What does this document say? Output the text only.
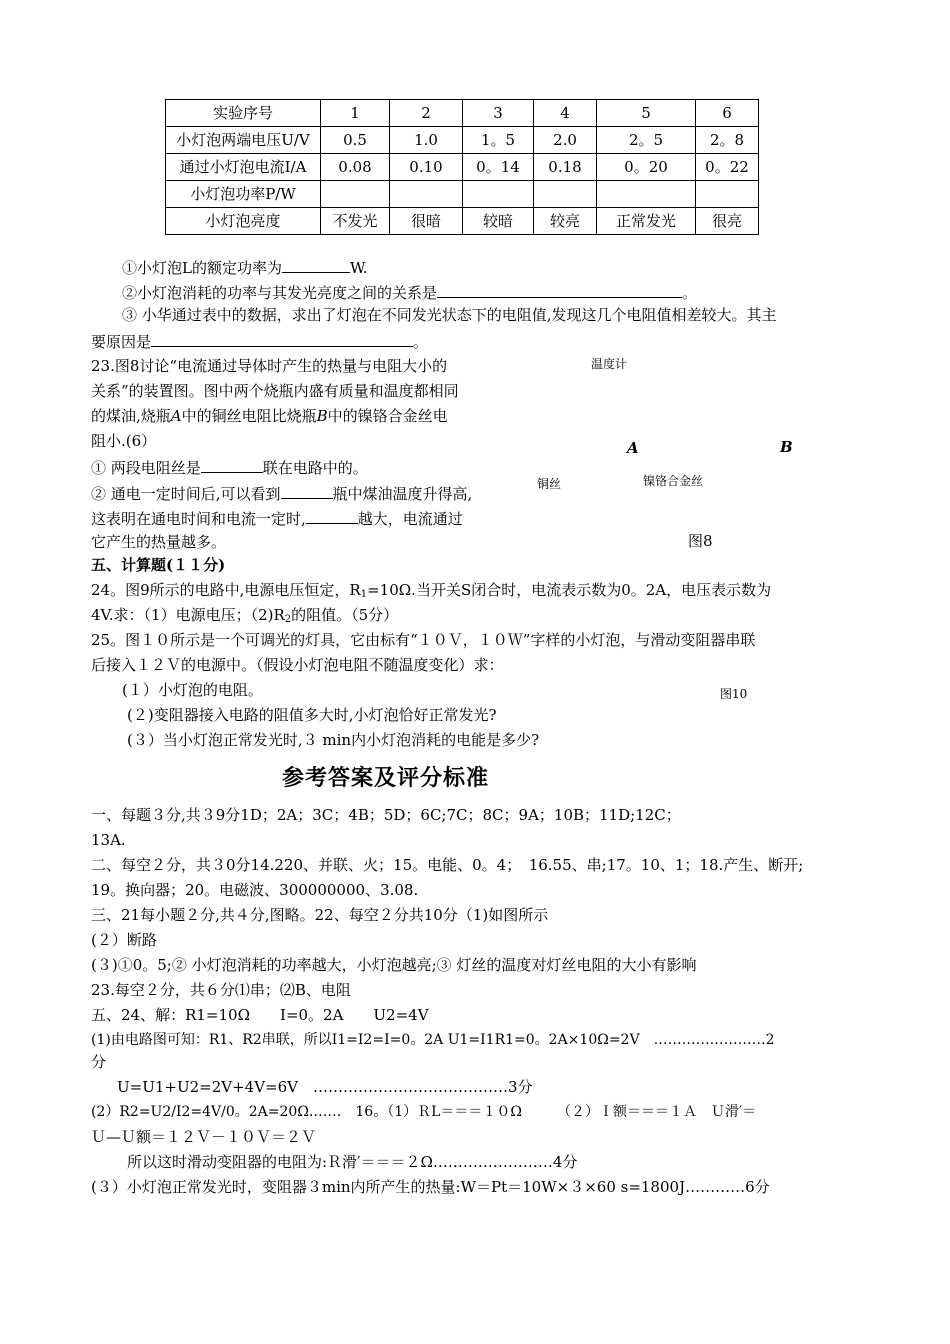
实验序号	1	2	3	4	5	6
小灯泡两端电压U/V	0.5	1.0	1。5	2.0	2。5	2。8
通过小灯泡电流I/A	0.08	0.10	0。14	0.18	0。20	0。22
小灯泡功率P/W						
小灯泡亮度	不发光	很暗	较暗	较亮	正常发光	很亮
①小灯泡L的额定功率为	W.
②小灯泡消耗的功率与其发光亮度之间的关系是	。
③ 小华通过表中的数据，求出了灯泡在不同发光状态下的电阻值,发现这几个电阻值相差较大。其主
要原因是	。
23.图8讨论“电流通过导体时产生的热量与电阻大小的
关系”的装置图。图中两个烧瓶内盛有质量和温度都相同
的煤油,烧瓶A中的铜丝电阻比烧瓶B中的镍铬合金丝电
阻小.(6）
① 两段电阻丝是	联在电路中的。
② 通电一定时间后,可以看到	瓶中煤油温度升得高,
这表明在通电时间和电流一定时,	越大，电流通过
它产生的热量越多。
温度计
A	B
铜丝	镍铬合金丝
图8
五、计算题(１１分)
24。图9所示的电路中,电源电压恒定，$R_1=10\Omega$.当开关S闭合时，电流表示数为0。2A，电压表示数为
4V.求：（1）电源电压；$(2)R_2$的阻值。（5分）
25。图１０所示是一个可调光的灯具，它由标有“１０Ｖ，１０Ｗ”字样的小灯泡，与滑动变阻器串联
后接入１２Ｖ的电源中。（假设小灯泡电阻不随温度变化）求：
(１）小灯泡的电阻。	图10
(２)变阻器接入电路的阻值多大时,小灯泡恰好正常发光?
(３）当小灯泡正常发光时,３ min内小灯泡消耗的电能是多少?
参考答案及评分标准
一、每题３分,共３9分1D；2A；3C；4B；5D；6C;7C；8C；9A；10B；11D;12C；
13A.
二、每空２分，共３0分14.220、并联、火；15。电能、0。4；　16.55、串;17。10、1；18.产生、断开;
19。换向器；20。电磁波、300000000、3.08.
三、21每小题２分,共４分,图略。22、每空２分共10分（1)如图所示
(２）断路
(３)①0。5;② 小灯泡消耗的功率越大，小灯泡越亮;③ 灯丝的温度对灯丝电阻的大小有影响
23.每空２分，共６分⑴串；⑵B、电阻
五、24、解：R1=10Ω　　I=0。2A　　U2=4V
(1)由电路图可知：R1、R2串联，所以I1=I2=I=0。2A U1=I1R1=0。2A×10Ω=2V　……………………2
分
U=U1+U2=2V+4V=6V　…………………………………3分
(2）R2=U2/I2=4V/0。2A=20Ω.……　16。（1）ＲL＝＝＝１０Ω　　　（２）Ｉ额＝＝＝１Ａ　Ｕ滑′＝
Ｕ—Ｕ额＝１２Ｖ－１０Ｖ＝２Ｖ
所以这时滑动变阻器的电阻为:Ｒ滑′＝＝＝２Ω……………………4分
(３）小灯泡正常发光时，变阻器３min内所产生的热量:W＝Pt＝10W×３×60 s=1800J…………6分
